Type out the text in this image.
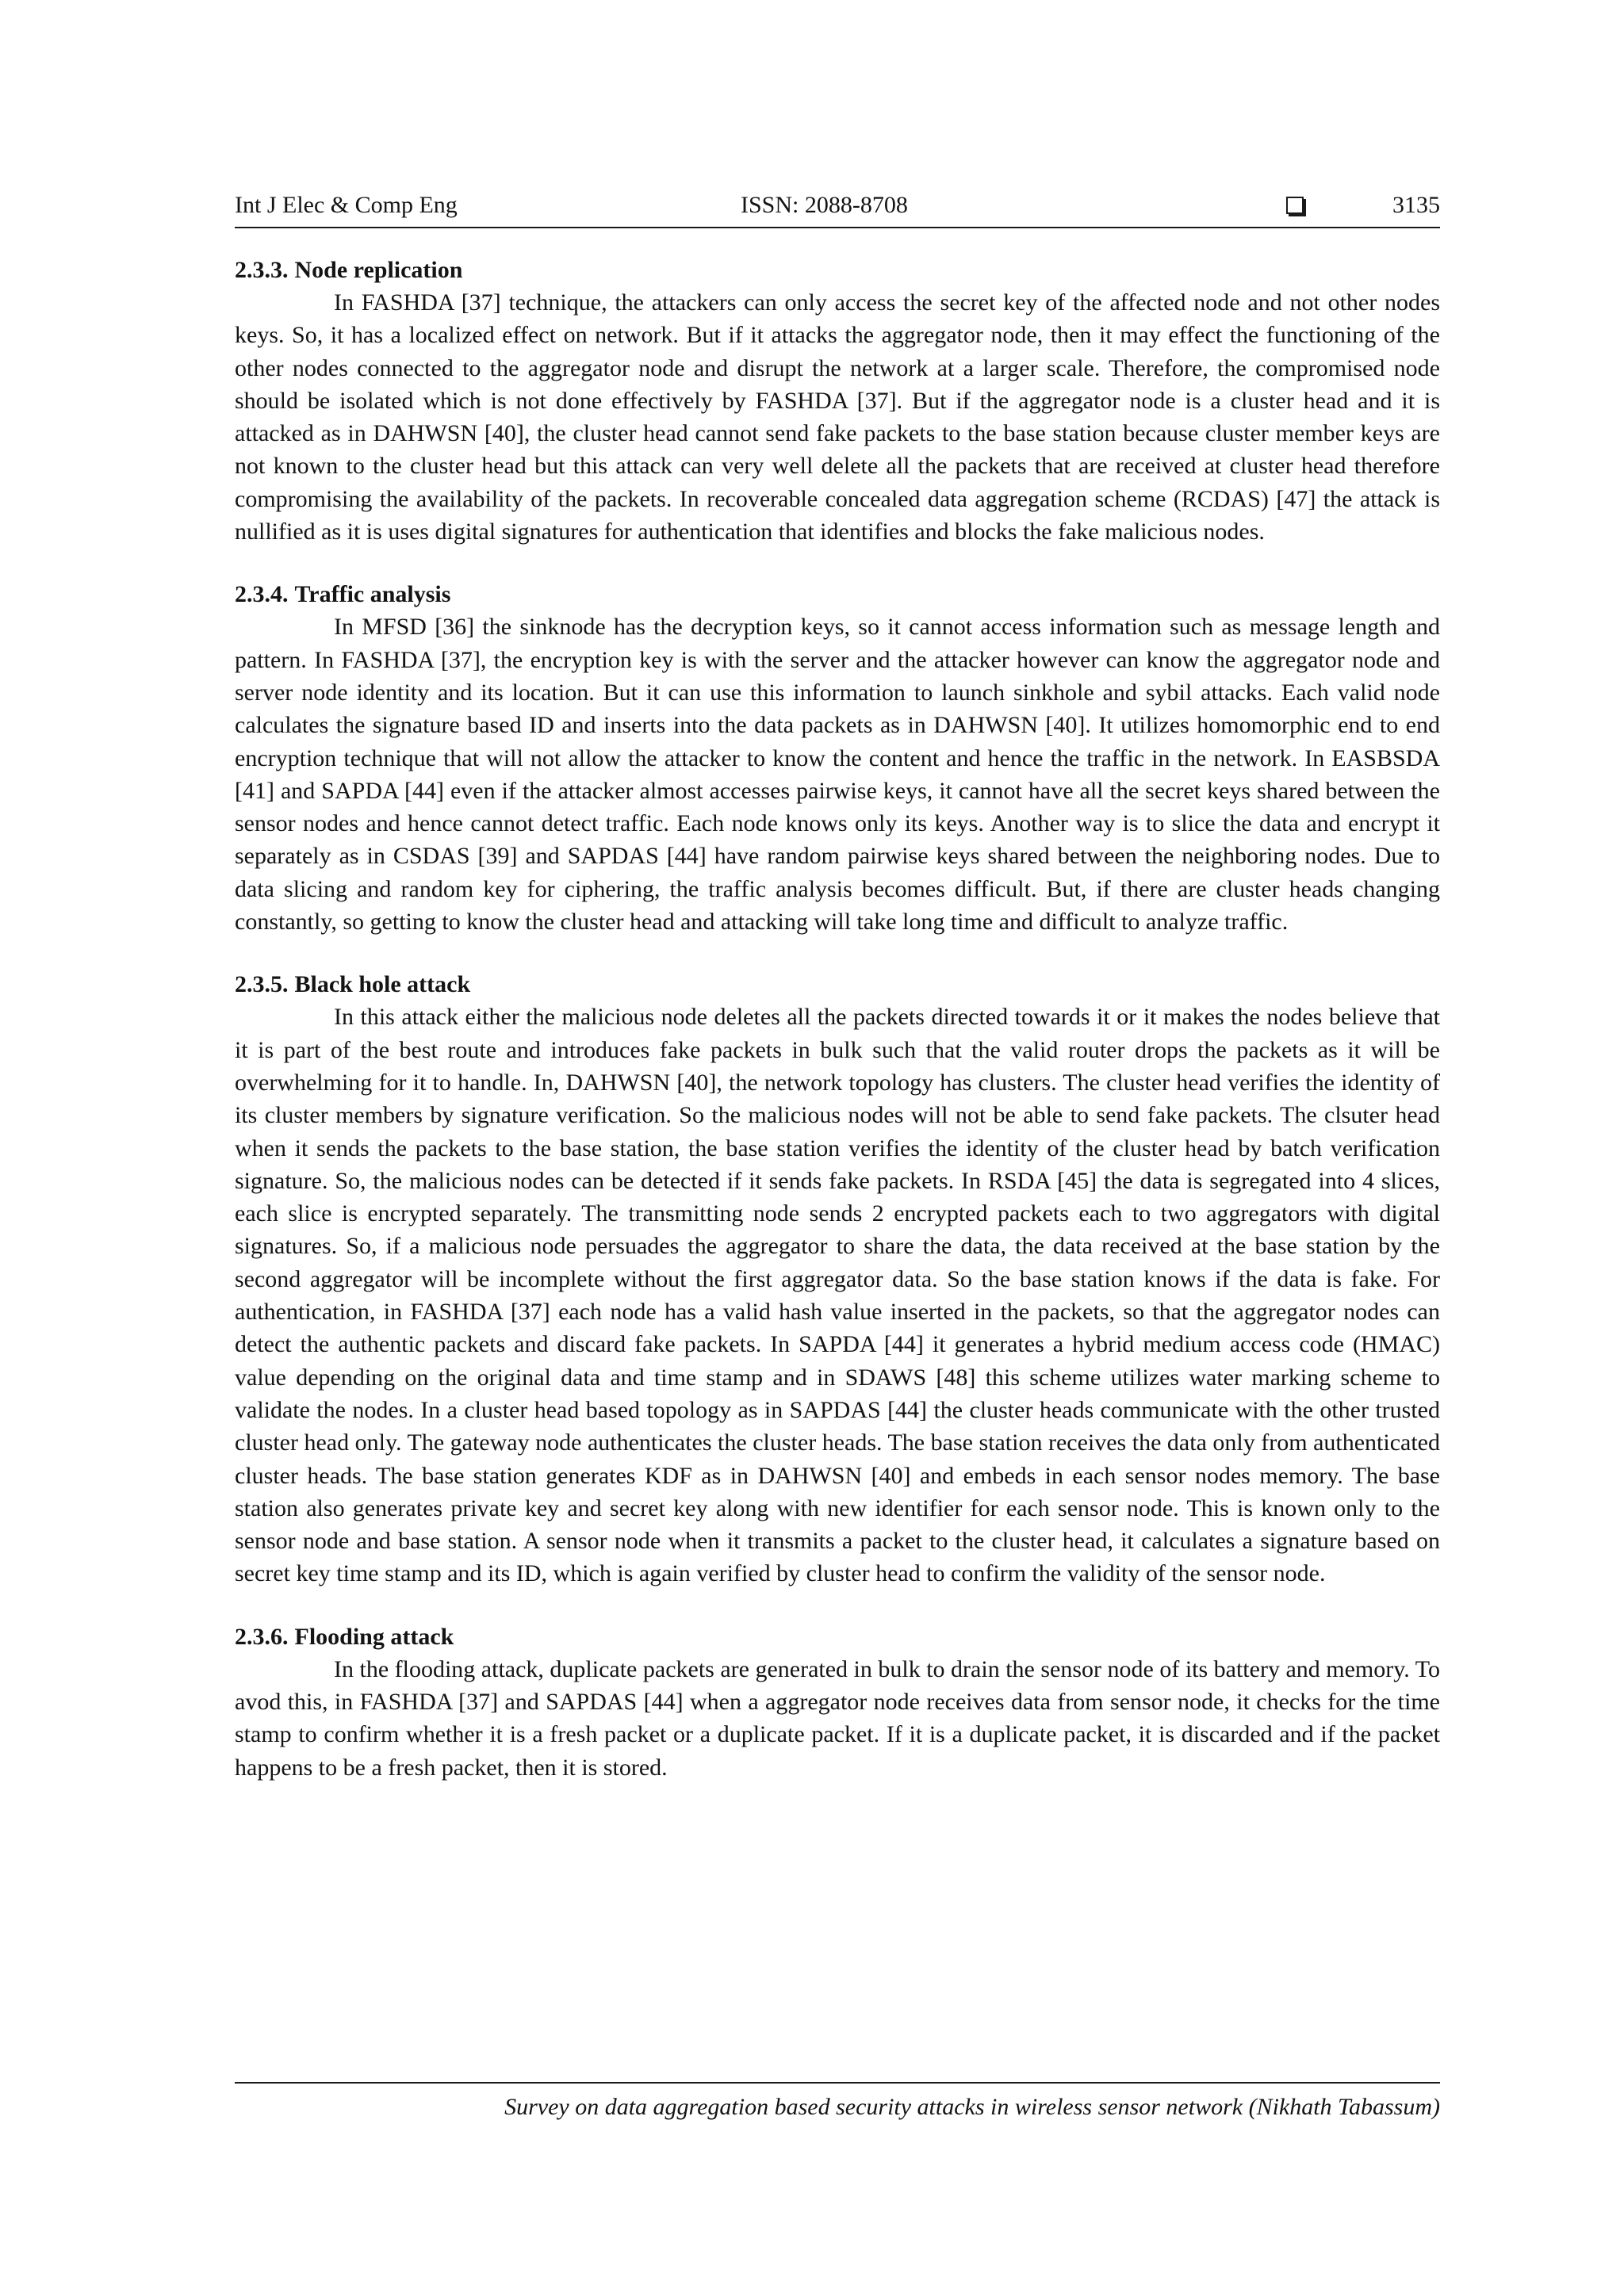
Int J Elec & Comp Eng	ISSN: 2088-8708	3135
2.3.3. Node replication

In FASHDA [37] technique, the attackers can only access the secret key of the affected node and not other nodes keys. So, it has a localized effect on network. But if it attacks the aggregator node, then it may effect the functioning of the other nodes connected to the aggregator node and disrupt the network at a larger scale. Therefore, the compromised node should be isolated which is not done effectively by FASHDA [37]. But if the aggregator node is a cluster head and it is attacked as in DAHWSN [40], the cluster head cannot send fake packets to the base station because cluster member keys are not known to the cluster head but this attack can very well delete all the packets that are received at cluster head therefore compromising the availability of the packets. In recoverable concealed data aggregation scheme (RCDAS) [47] the attack is nullified as it is uses digital signatures for authentication that identifies and blocks the fake malicious nodes.

2.3.4. Traffic analysis

In MFSD [36] the sinknode has the decryption keys, so it cannot access information such as message length and pattern. In FASHDA [37], the encryption key is with the server and the attacker however can know the aggregator node and server node identity and its location. But it can use this information to launch sinkhole and sybil attacks. Each valid node calculates the signature based ID and inserts into the data packets as in DAHWSN [40]. It utilizes homomorphic end to end encryption technique that will not allow the attacker to know the content and hence the traffic in the network. In EASBSDA [41] and SAPDA [44] even if the attacker almost accesses pairwise keys, it cannot have all the secret keys shared between the sensor nodes and hence cannot detect traffic. Each node knows only its keys. Another way is to slice the data and encrypt it separately as in CSDAS [39] and SAPDAS [44] have random pairwise keys shared between the neighboring nodes. Due to data slicing and random key for ciphering, the traffic analysis becomes difficult. But, if there are cluster heads changing constantly, so getting to know the cluster head and attacking will take long time and difficult to analyze traffic.

2.3.5. Black hole attack

In this attack either the malicious node deletes all the packets directed towards it or it makes the nodes believe that it is part of the best route and introduces fake packets in bulk such that the valid router drops the packets as it will be overwhelming for it to handle. In, DAHWSN [40], the network topology has clusters. The cluster head verifies the identity of its cluster members by signature verification. So the malicious nodes will not be able to send fake packets. The clsuter head when it sends the packets to the base station, the base station verifies the identity of the cluster head by batch verification signature. So, the malicious nodes can be detected if it sends fake packets. In RSDA [45] the data is segregated into 4 slices, each slice is encrypted separately. The transmitting node sends 2 encrypted packets each to two aggregators with digital signatures. So, if a malicious node persuades the aggregator to share the data, the data received at the base station by the second aggregator will be incomplete without the first aggregator data. So the base station knows if the data is fake. For authentication, in FASHDA [37] each node has a valid hash value inserted in the packets, so that the aggregator nodes can detect the authentic packets and discard fake packets. In SAPDA [44] it generates a hybrid medium access code (HMAC) value depending on the original data and time stamp and in SDAWS [48] this scheme utilizes water marking scheme to validate the nodes. In a cluster head based topology as in SAPDAS [44] the cluster heads communicate with the other trusted cluster head only. The gateway node authenticates the cluster heads. The base station receives the data only from authenticated cluster heads. The base station generates KDF as in DAHWSN [40] and embeds in each sensor nodes memory. The base station also generates private key and secret key along with new identifier for each sensor node. This is known only to the sensor node and base station. A sensor node when it transmits a packet to the cluster head, it calculates a signature based on secret key time stamp and its ID, which is again verified by cluster head to confirm the validity of the sensor node.

2.3.6. Flooding attack

In the flooding attack, duplicate packets are generated in bulk to drain the sensor node of its battery and memory. To avod this, in FASHDA [37] and SAPDAS [44] when a aggregator node receives data from sensor node, it checks for the time stamp to confirm whether it is a fresh packet or a duplicate packet. If it is a duplicate packet, it is discarded and if the packet happens to be a fresh packet, then it is stored.

Survey on data aggregation based security attacks in wireless sensor network (Nikhath Tabassum)
